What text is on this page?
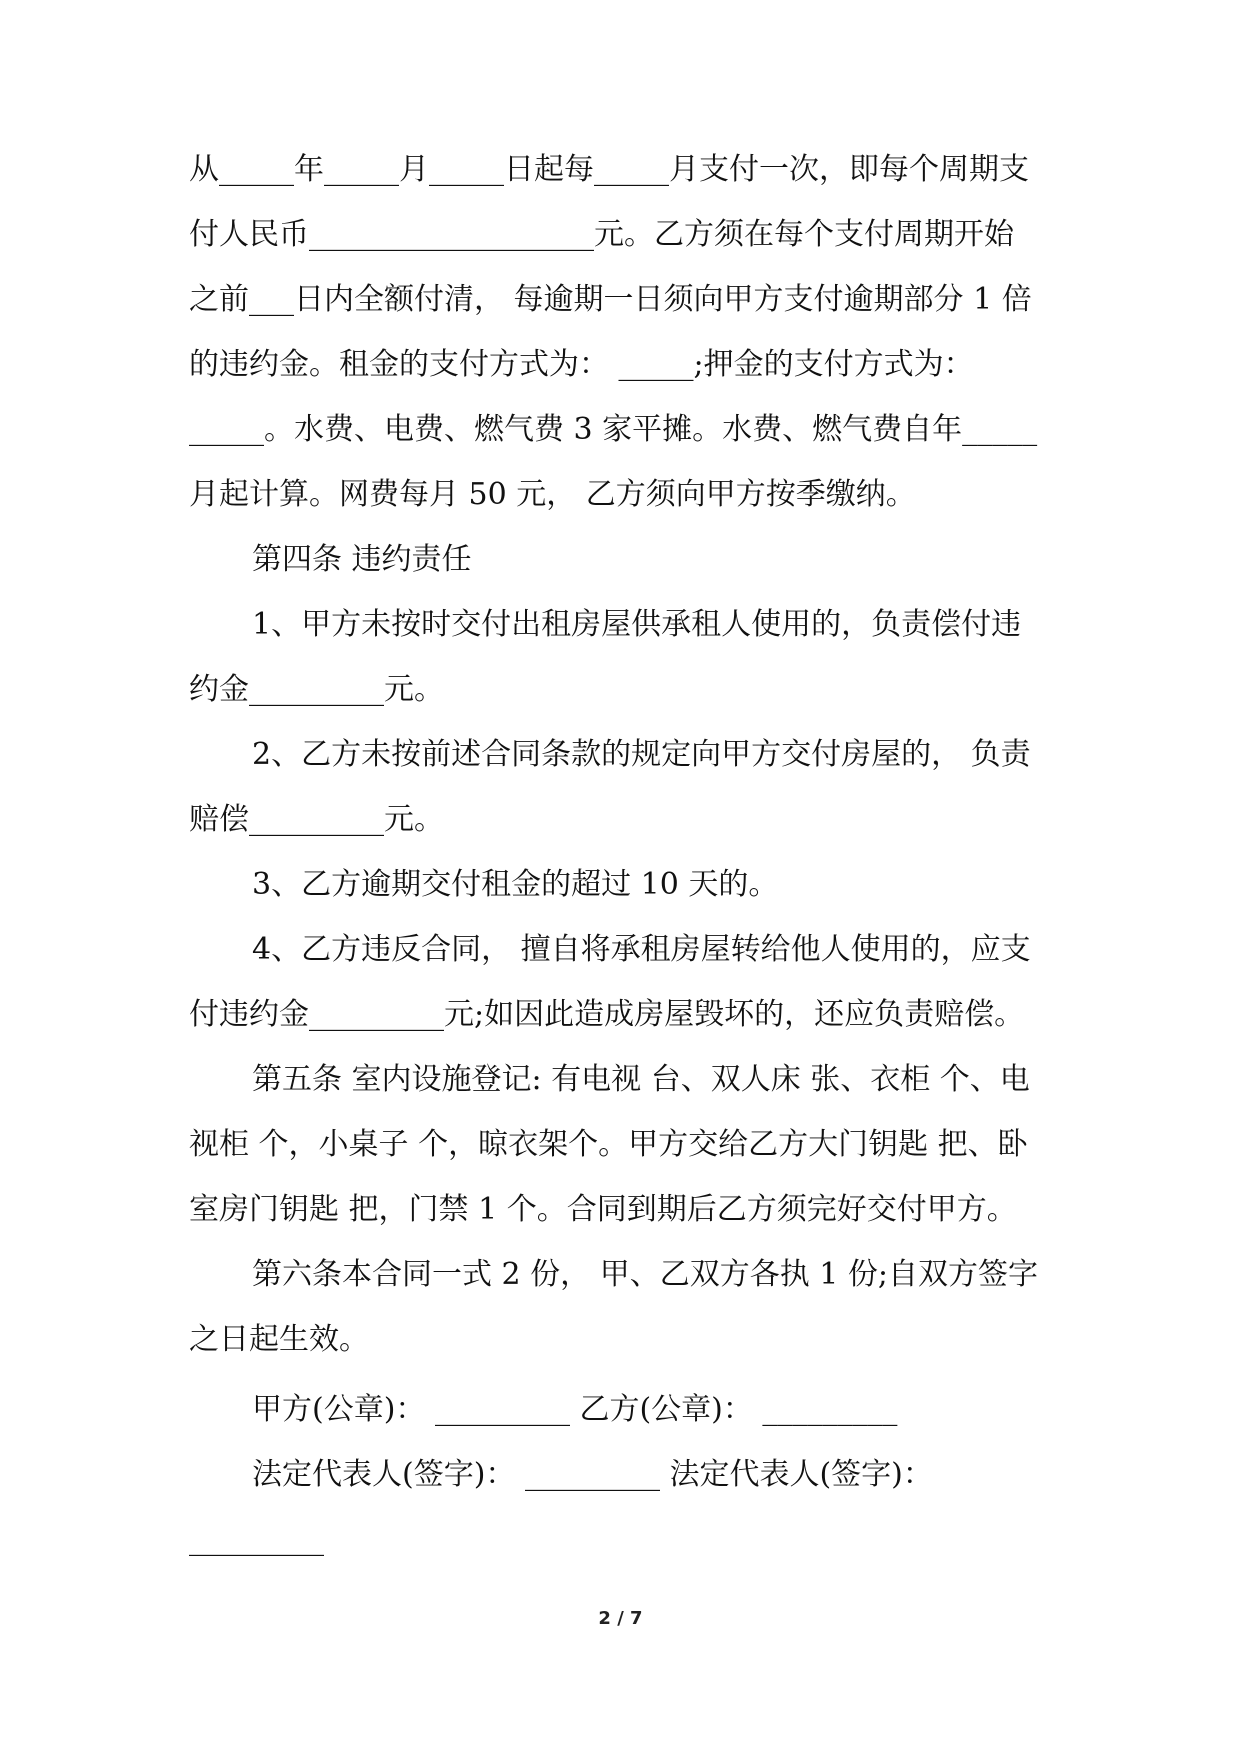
从_____年_____月_____日起每_____月支付一次，即每个周期支
付人民币___________________元。乙方须在每个支付周期开始
之前___日内全额付清， 每逾期一日须向甲方支付逾期部分 1 倍
的违约金。租金的支付方式为： _____;押金的支付方式为：
_____。水费、电费、燃气费 3 家平摊。水费、燃气费自年_____
月起计算。网费每月 50 元， 乙方须向甲方按季缴纳。
第四条 违约责任
1、甲方未按时交付出租房屋供承租人使用的，负责偿付违
约金_________元。
2、乙方未按前述合同条款的规定向甲方交付房屋的， 负责
赔偿_________元。
3、乙方逾期交付租金的超过 10 天的。
4、乙方违反合同， 擅自将承租房屋转给他人使用的，应支
付违约金_________元;如因此造成房屋毁坏的，还应负责赔偿。
第五条 室内设施登记: 有电视 台、双人床 张、衣柜 个、电
视柜 个，小桌子 个，晾衣架个。甲方交给乙方大门钥匙 把、卧
室房门钥匙 把，门禁 1 个。合同到期后乙方须完好交付甲方。
第六条本合同一式 2 份， 甲、乙双方各执 1 份;自双方签字
之日起生效。
甲方(公章)： _________ 乙方(公章)： _________
法定代表人(签字)： _________ 法定代表人(签字)：
_________
2 / 7
